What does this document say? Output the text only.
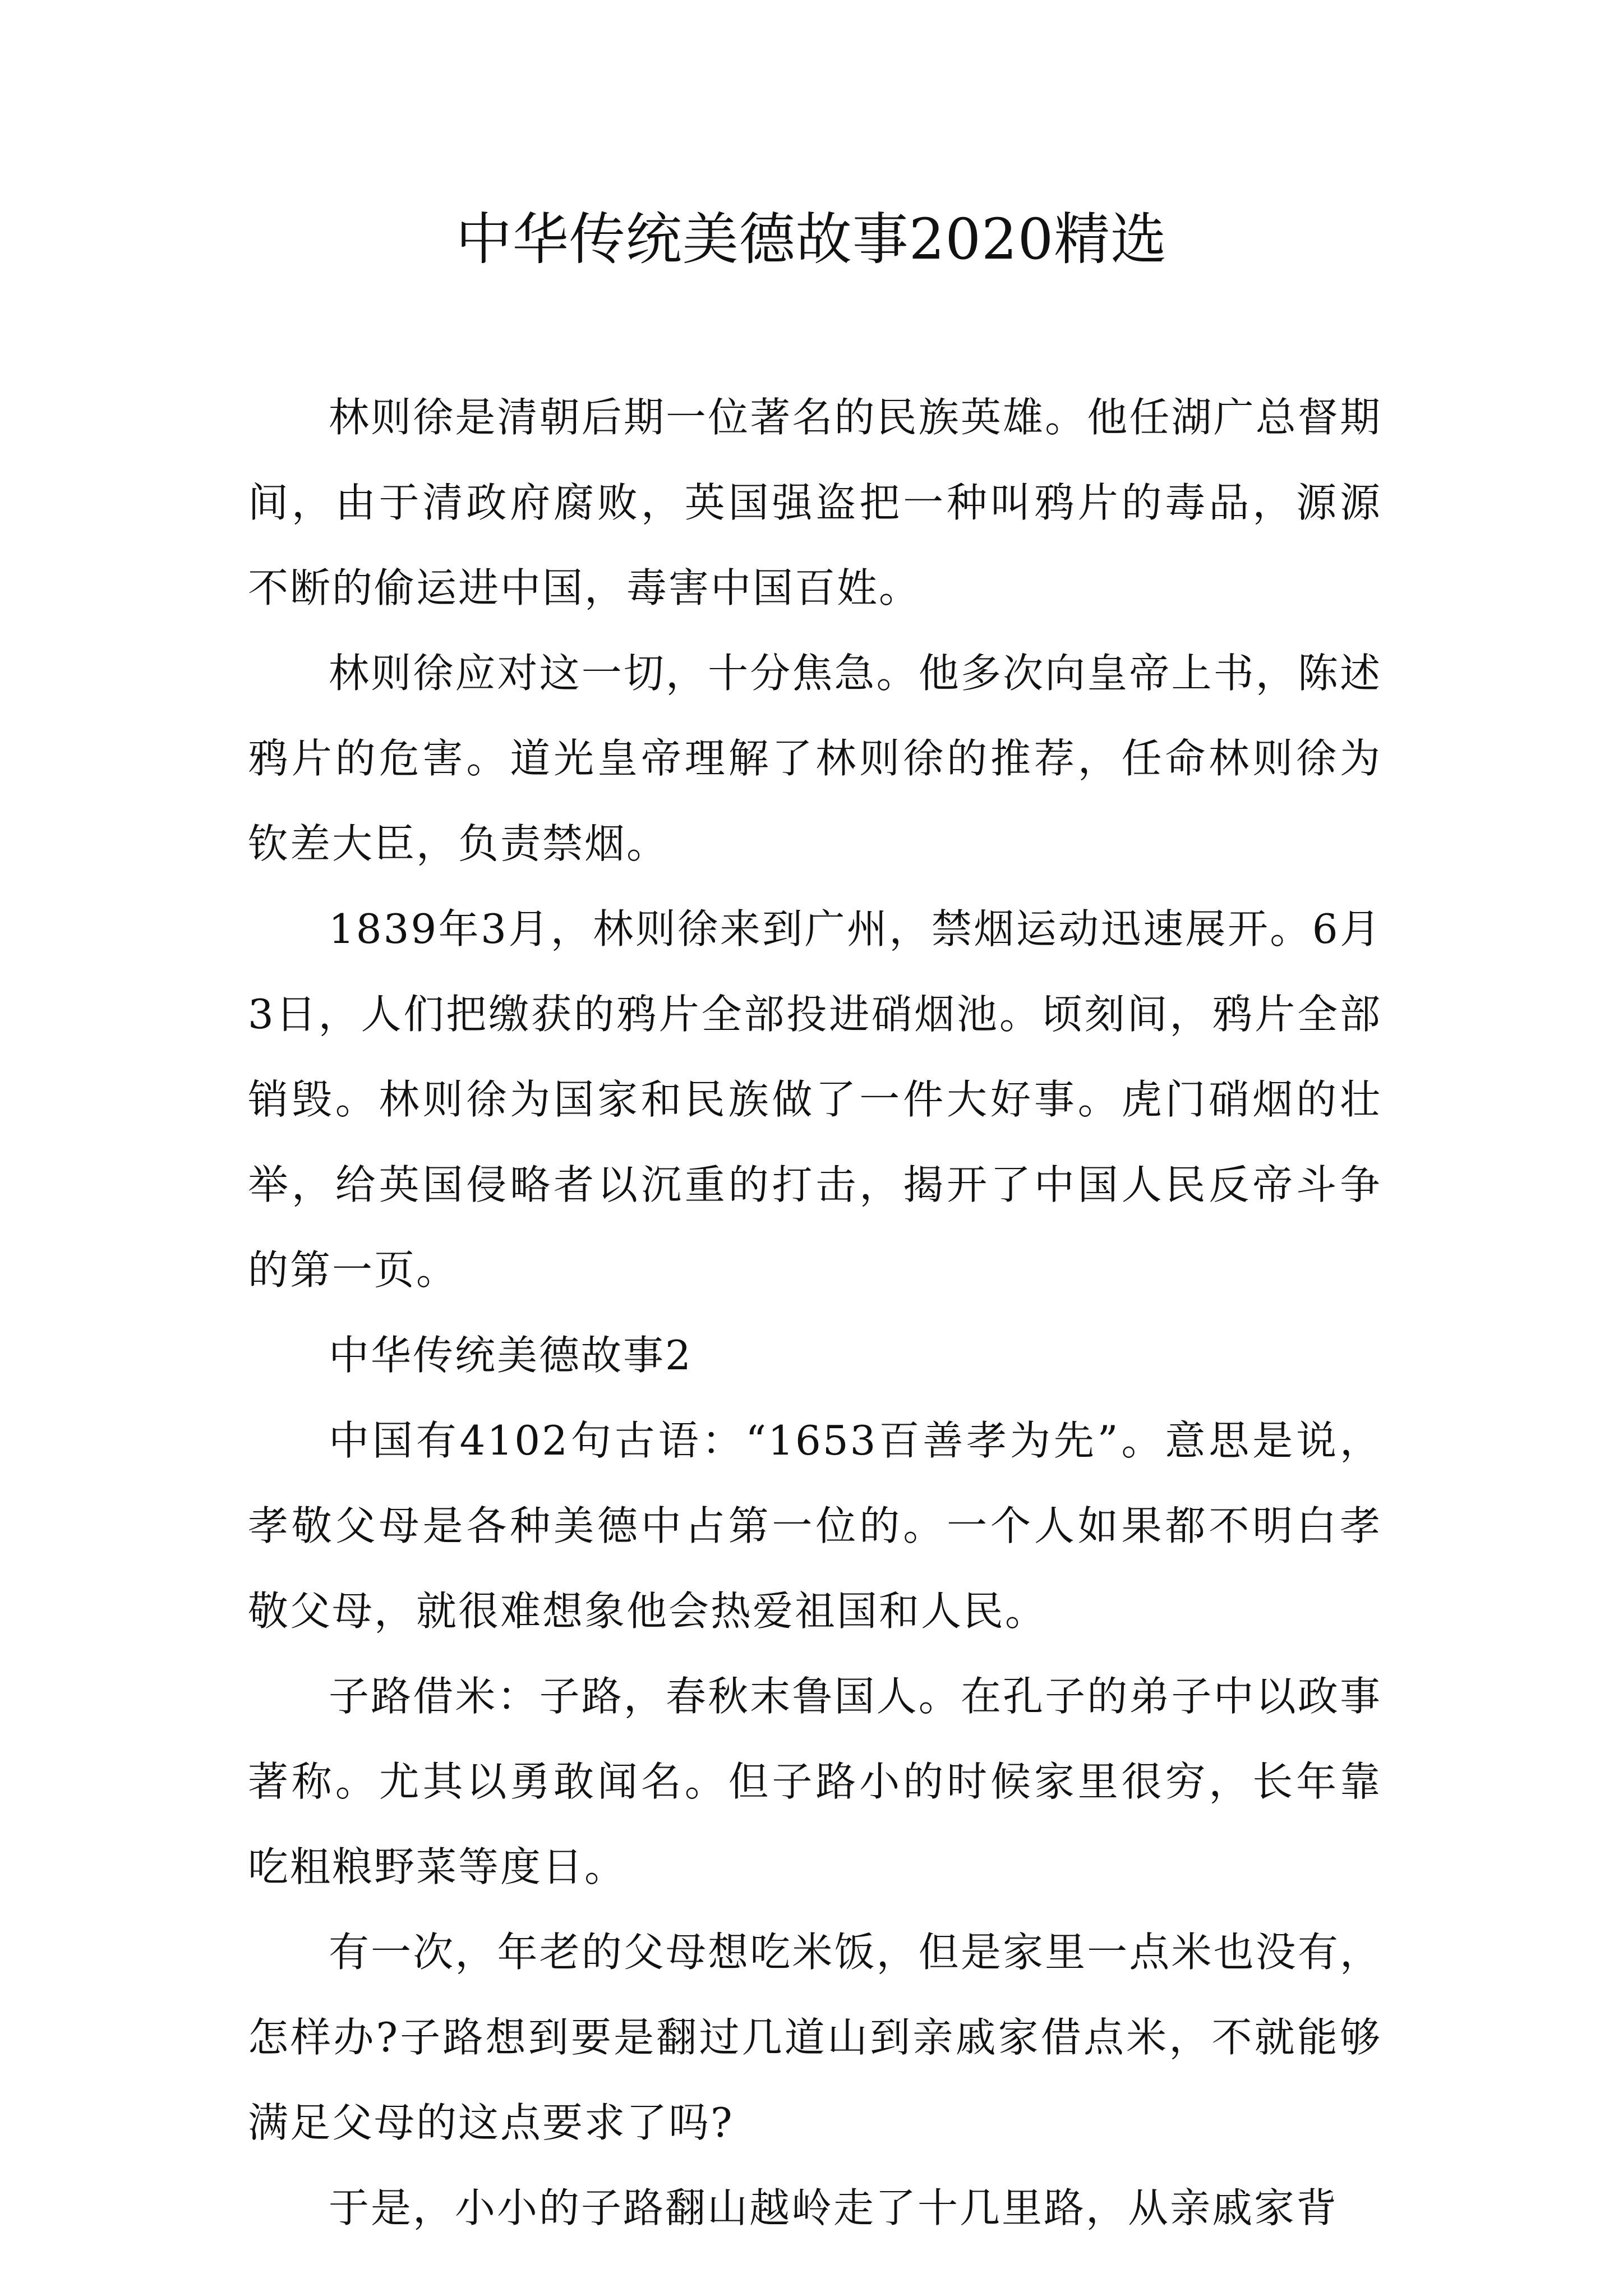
中华传统美德故事2020精选

林则徐是清朝后期一位著名的民族英雄。他任湖广总督期间，由于清政府腐败，英国强盗把一种叫鸦片的毒品，源源不断的偷运进中国，毒害中国百姓。

林则徐应对这一切，十分焦急。他多次向皇帝上书，陈述鸦片的危害。道光皇帝理解了林则徐的推荐，任命林则徐为钦差大臣，负责禁烟。

1839年3月，林则徐来到广州，禁烟运动迅速展开。6月3日，人们把缴获的鸦片全部投进硝烟池。顷刻间，鸦片全部销毁。林则徐为国家和民族做了一件大好事。虎门硝烟的壮举，给英国侵略者以沉重的打击，揭开了中国人民反帝斗争的第一页。

中华传统美德故事2

中国有4102句古语：“1653百善孝为先”。意思是说，孝敬父母是各种美德中占第一位的。一个人如果都不明白孝敬父母，就很难想象他会热爱祖国和人民。

子路借米：子路，春秋末鲁国人。在孔子的弟子中以政事著称。尤其以勇敢闻名。但子路小的时候家里很穷，长年靠吃粗粮野菜等度日。

有一次，年老的父母想吃米饭，但是家里一点米也没有，怎样办?子路想到要是翻过几道山到亲戚家借点米，不就能够满足父母的这点要求了吗?

于是，小小的子路翻山越岭走了十几里路，从亲戚家背
